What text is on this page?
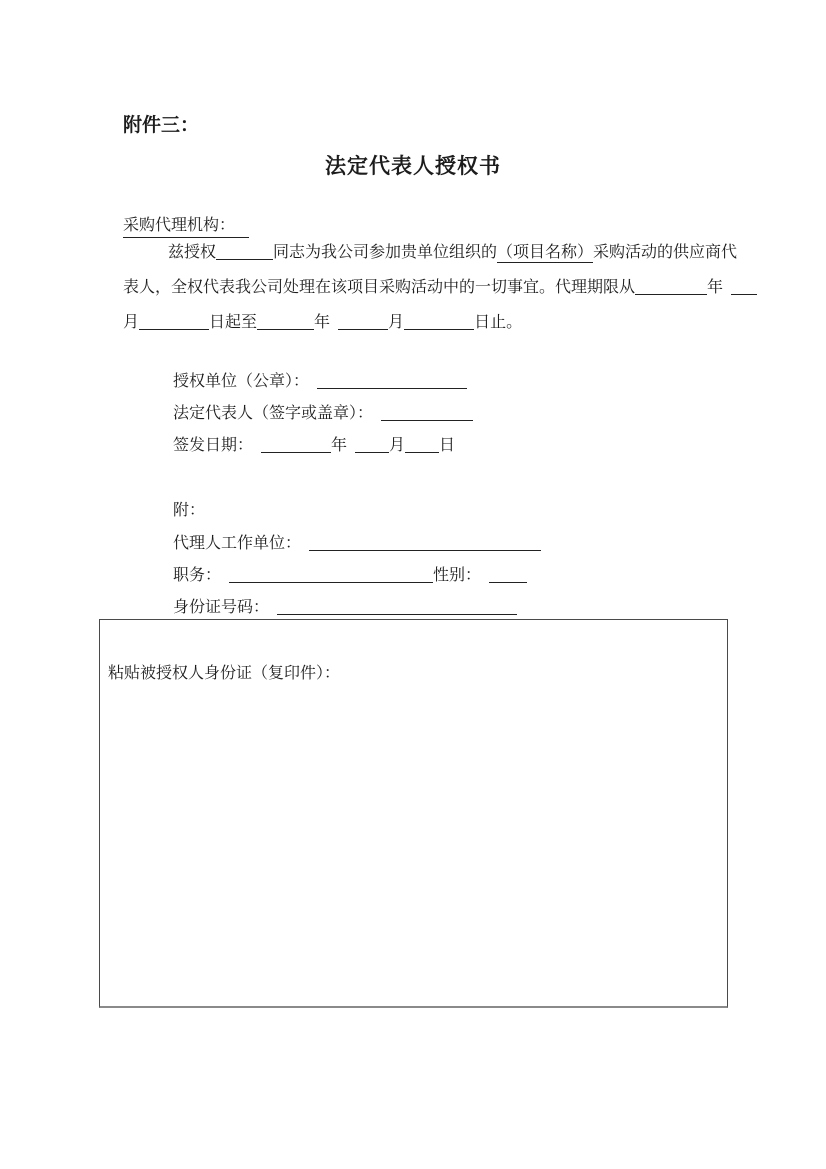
附件三：
法定代表人授权书
采购代理机构：
兹授权	同志为我公司参加贵单位组织的（项目名称）采购活动的供应商代
表人，全权代表我公司处理在该项目采购活动中的一切事宜。代理期限从	年
月	日起至	年	月	日止。
授权单位（公章）：
法定代表人（签字或盖章）：
签发日期：	年	月 日
附：
代理人工作单位：
职务：	性别：
身份证号码：
粘贴被授权人身份证（复印件）：
